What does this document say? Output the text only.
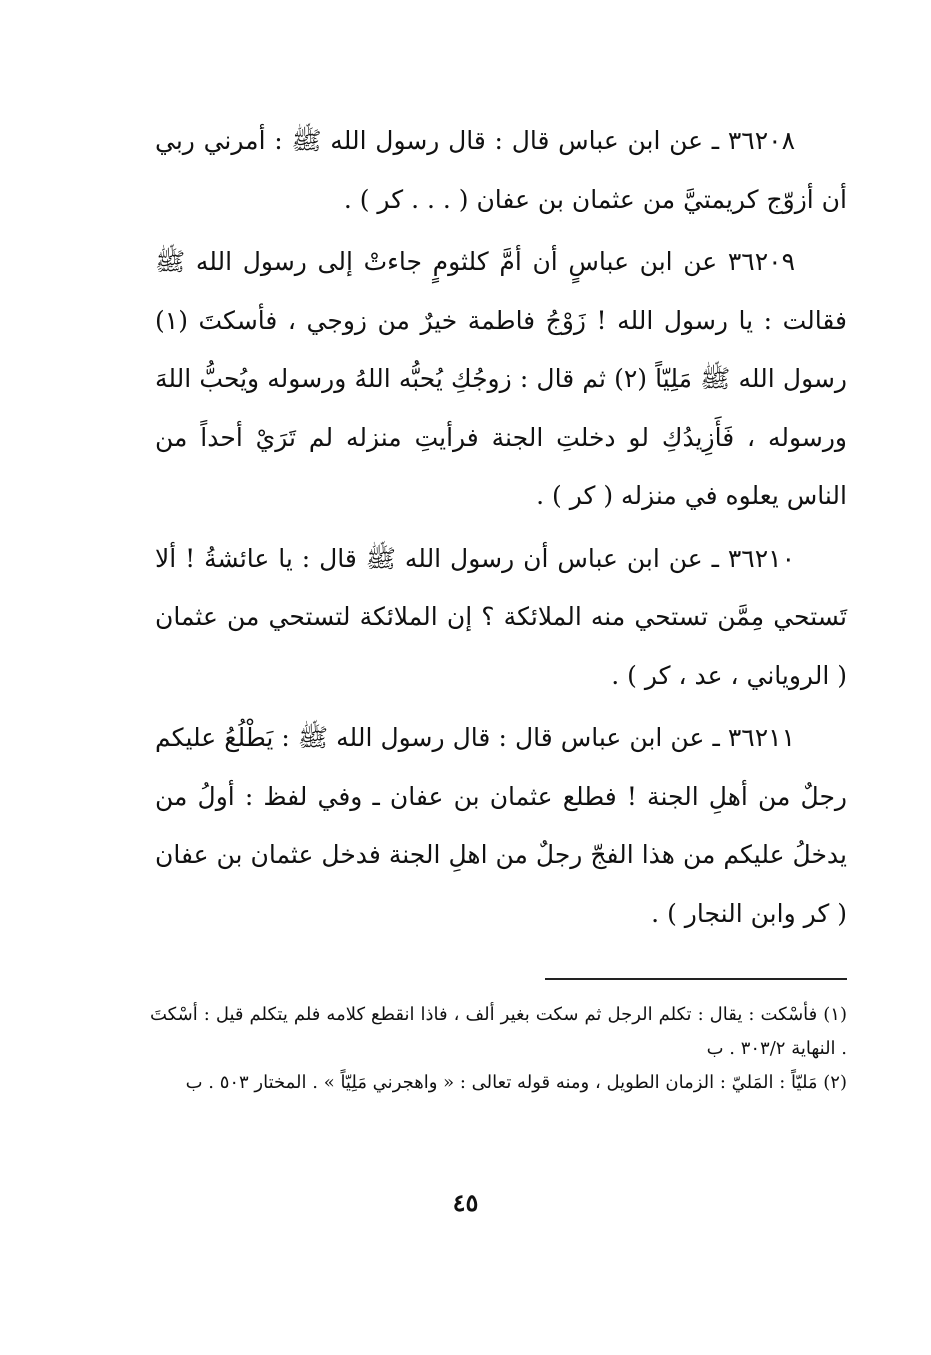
٣٦٢٠٨ ـ عن ابن عباس قال : قال رسول الله ﷺ : أمرني ربي أن أزوّج كريمتيَّ من عثمان بن عفان ( . . . كر ) .

٣٦٢٠٩ عن ابن عباسٍ أن أمَّ كلثومٍ جاءتْ إلى رسول الله ﷺ فقالت : يا رسول الله ! زَوْجُ فاطمة خيرٌ من زوجي ، فأسكتَ (١) رسول الله ﷺ مَلِيّاً (٢) ثم قال : زوجُكِ يُحبُّه اللهُ ورسوله ويُحبُّ اللهَ ورسوله ، فَأَزِيدُكِ لو دخلتِ الجنة فرأيتِ منزله لم تَرَيْ أحداً من الناس يعلوه في منزله ( كر ) .

٣٦٢١٠ ـ عن ابن عباس أن رسول الله ﷺ قال : يا عائشةُ ! ألا تَستحي مِمَّن تستحي منه الملائكة ؟ إن الملائكة لتستحي من عثمان ( الروياني ، عد ، كر ) .

٣٦٢١١ ـ عن ابن عباس قال : قال رسول الله ﷺ : يَطْلُعُ عليكم رجلٌ من أهلِ الجنة ! فطلع عثمان بن عفان ـ وفي لفظ : أولُ من يدخلُ عليكم من هذا الفجّ رجلٌ من اهلِ الجنة فدخل عثمان بن عفان ( كر وابن النجار ) .

(١) فأسْكت : يقال : تكلم الرجل ثم سكت بغير ألف ، فاذا انقطع كلامه فلم يتكلم قيل : أسْكتَ . النهاية ٣٠٣/٢ . ب

(٢) مَليّاً : المَليّ : الزمان الطويل ، ومنه قوله تعالى : « واهجرني مَلِيّاً » . المختار ٥٠٣ . ب

٤٥
